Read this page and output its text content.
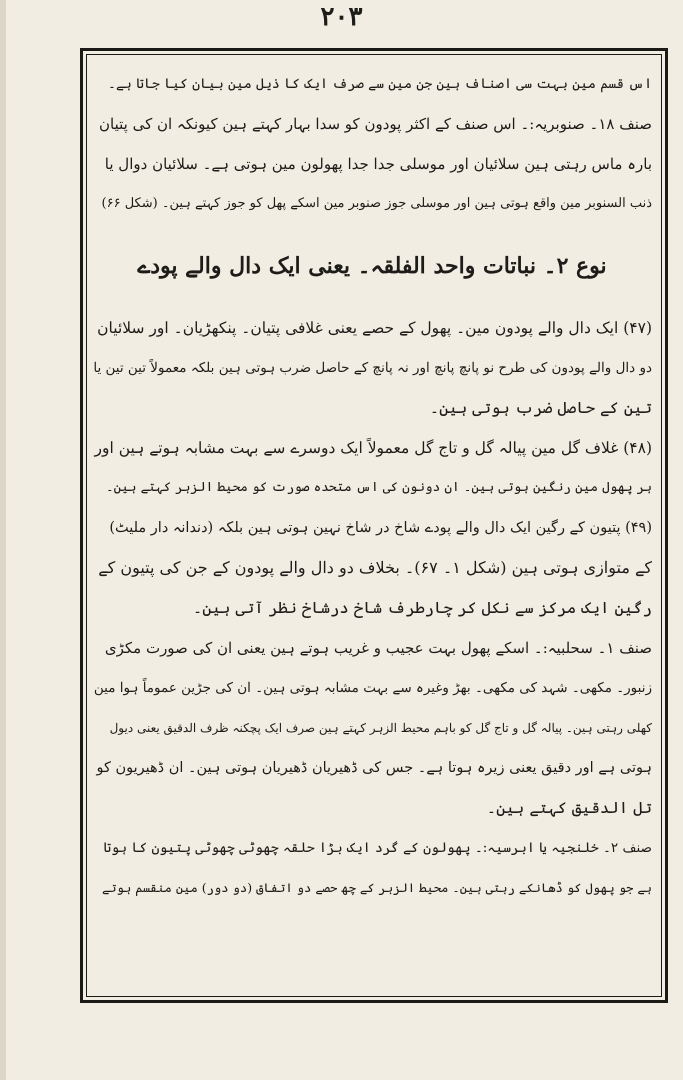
۲۰۳
اس قسم مین بہت سی اصناف ہین جن مین سے صرف ایک کا ذیل مین بیان کیا جاتا ہے۔
صنف ۱۸۔ صنوبریہ:۔ اس صنف کے اکثر پودون کو سدا بہار کہتے ہین کیونکہ ان کی پتیان
بارہ ماس رہتی ہین سلائیان اور موسلی جدا جدا پھولون مین ہوتی ہے۔ سلائیان دوال یا
ذنب السنوبر مین واقع ہوتی ہین اور موسلی جوز صنوبر مین اسکے پھل کو جوز کہتے ہین۔ (شکل ۶۶)
نوع ۲۔ نباتات واحد الفلقہ۔ یعنی ایک دال والے پودے
(۴۷) ایک دال والے پودون مین۔ پھول کے حصے یعنی غلافی پتیان۔ پنکھڑیان۔ اور سلائیان
دو دال والے پودون کی طرح نو پانچ پانچ اور نہ پانچ کے حاصل ضرب ہوتی ہین بلکہ معمولاً تین تین یا
تین کے حاصل ضرب ہوتی ہین۔
(۴۸) غلاف گل مین پیالہ گل و تاج گل معمولاً ایک دوسرے سے بہت مشابہ ہوتے ہین اور
ہر پھول مین رنگین ہوتی ہین۔ ان دونون کی اس متحدہ صورت کو محیط الزہر کہتے ہین۔
(۴۹) پتیون کے رگین ایک دال والے پودے شاخ در شاخ نہین ہوتی ہین بلکہ (دندانہ دار ملیٹ)
کے متوازی ہوتی ہین (شکل ۱۔ ۶۷)۔ بخلاف دو دال والے پودون کے جن کی پتیون کے
رگین ایک مرکز سے نکل کر چارطرف شاخ درشاخ نظر آتی ہین۔
صنف ۱۔ سحلبیہ:۔ اسکے پھول بہت عجیب و غریب ہوتے ہین یعنی ان کی صورت مکڑی
زنبور۔ مکھی۔ شہد کی مکھی۔ بھڑ وغیرہ سے بہت مشابہ ہوتی ہین۔ ان کی جڑین عموماً ہوا مین
کھلی رہتی ہین۔ پیالہ گل و تاج گل کو باہم محیط الزہر کہتے ہین صرف ایک پچکنہ ظرف الدقیق یعنی دیول
ہوتی ہے اور دقیق یعنی زیرہ ہوتا ہے۔ جس کی ڈھیریان ڈھیریان ہوتی ہین۔ ان ڈھیریون کو
تل الدقیق کہتے ہین۔
صنف ۲۔ خلنجیہ یا ابرسیہ:۔ پھولون کے گرد ایک بڑا حلقہ چھوٹی چھوٹی پتیون کا ہوتا
ہے جو پھول کو ڈھانکے رہتی ہین۔ محیط الزہر کے چھ حصے دو اتفاق (دو دور) مین منقسم ہوتے
